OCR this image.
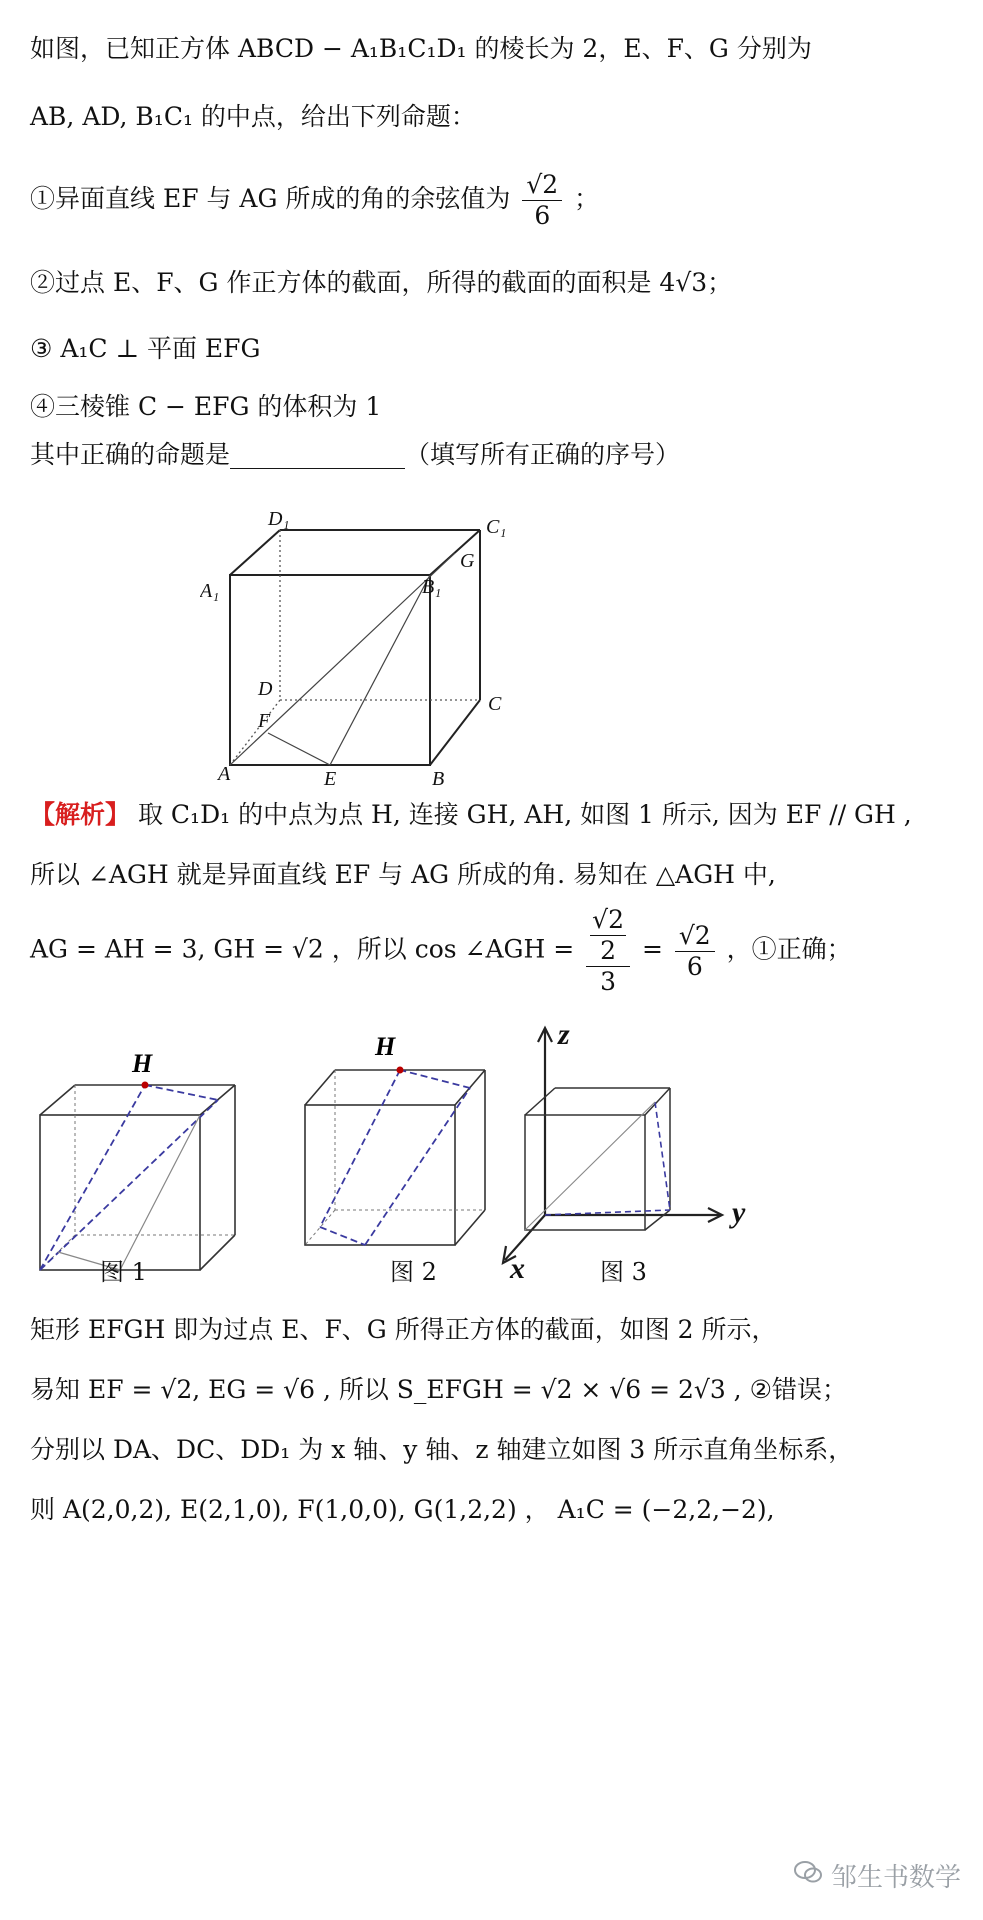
如图，已知正方体 ABCD − A₁B₁C₁D₁ 的棱长为 2，E、F、G 分别为
AB, AD, B₁C₁ 的中点，给出下列命题：
①异面直线 EF 与 AG 所成的角的余弦值为 $\frac{√2}{6}$ ；
②过点 E、F、G 作正方体的截面，所得的截面的面积是 4√3；
③ A₁C ⊥ 平面 EFG
④三棱锥 C − EFG 的体积为 1
其中正确的命题是______________（填写所有正确的序号）
D₁	C₁
A₁	B₁
G
D
C
F
A	E	B
【解析】 取 C₁D₁ 的中点为点 H, 连接 GH, AH, 如图 1 所示, 因为 EF // GH ,
所以 ∠AGH 就是异面直线 EF 与 AG 所成的角. 易知在 △AGH 中,
AG = AH = 3, GH = √2 ，所以 cos ∠AGH = $\frac{\frac{√2}{2}}{3} = \frac{√2}{6}$ ，①正确；
H
图 1
H
图 2
z
y
x	图 3
矩形 EFGH 即为过点 E、F、G 所得正方体的截面，如图 2 所示，
易知 EF = √2, EG = √6 , 所以 S_EFGH = √2 × √6 = 2√3 , ②错误；
分别以 DA、DC、DD₁ 为 x 轴、y 轴、z 轴建立如图 3 所示直角坐标系，
则 A(2,0,2), E(2,1,0), F(1,0,0), G(1,2,2) ， A₁C = (−2,2,−2),
邹生书数学
